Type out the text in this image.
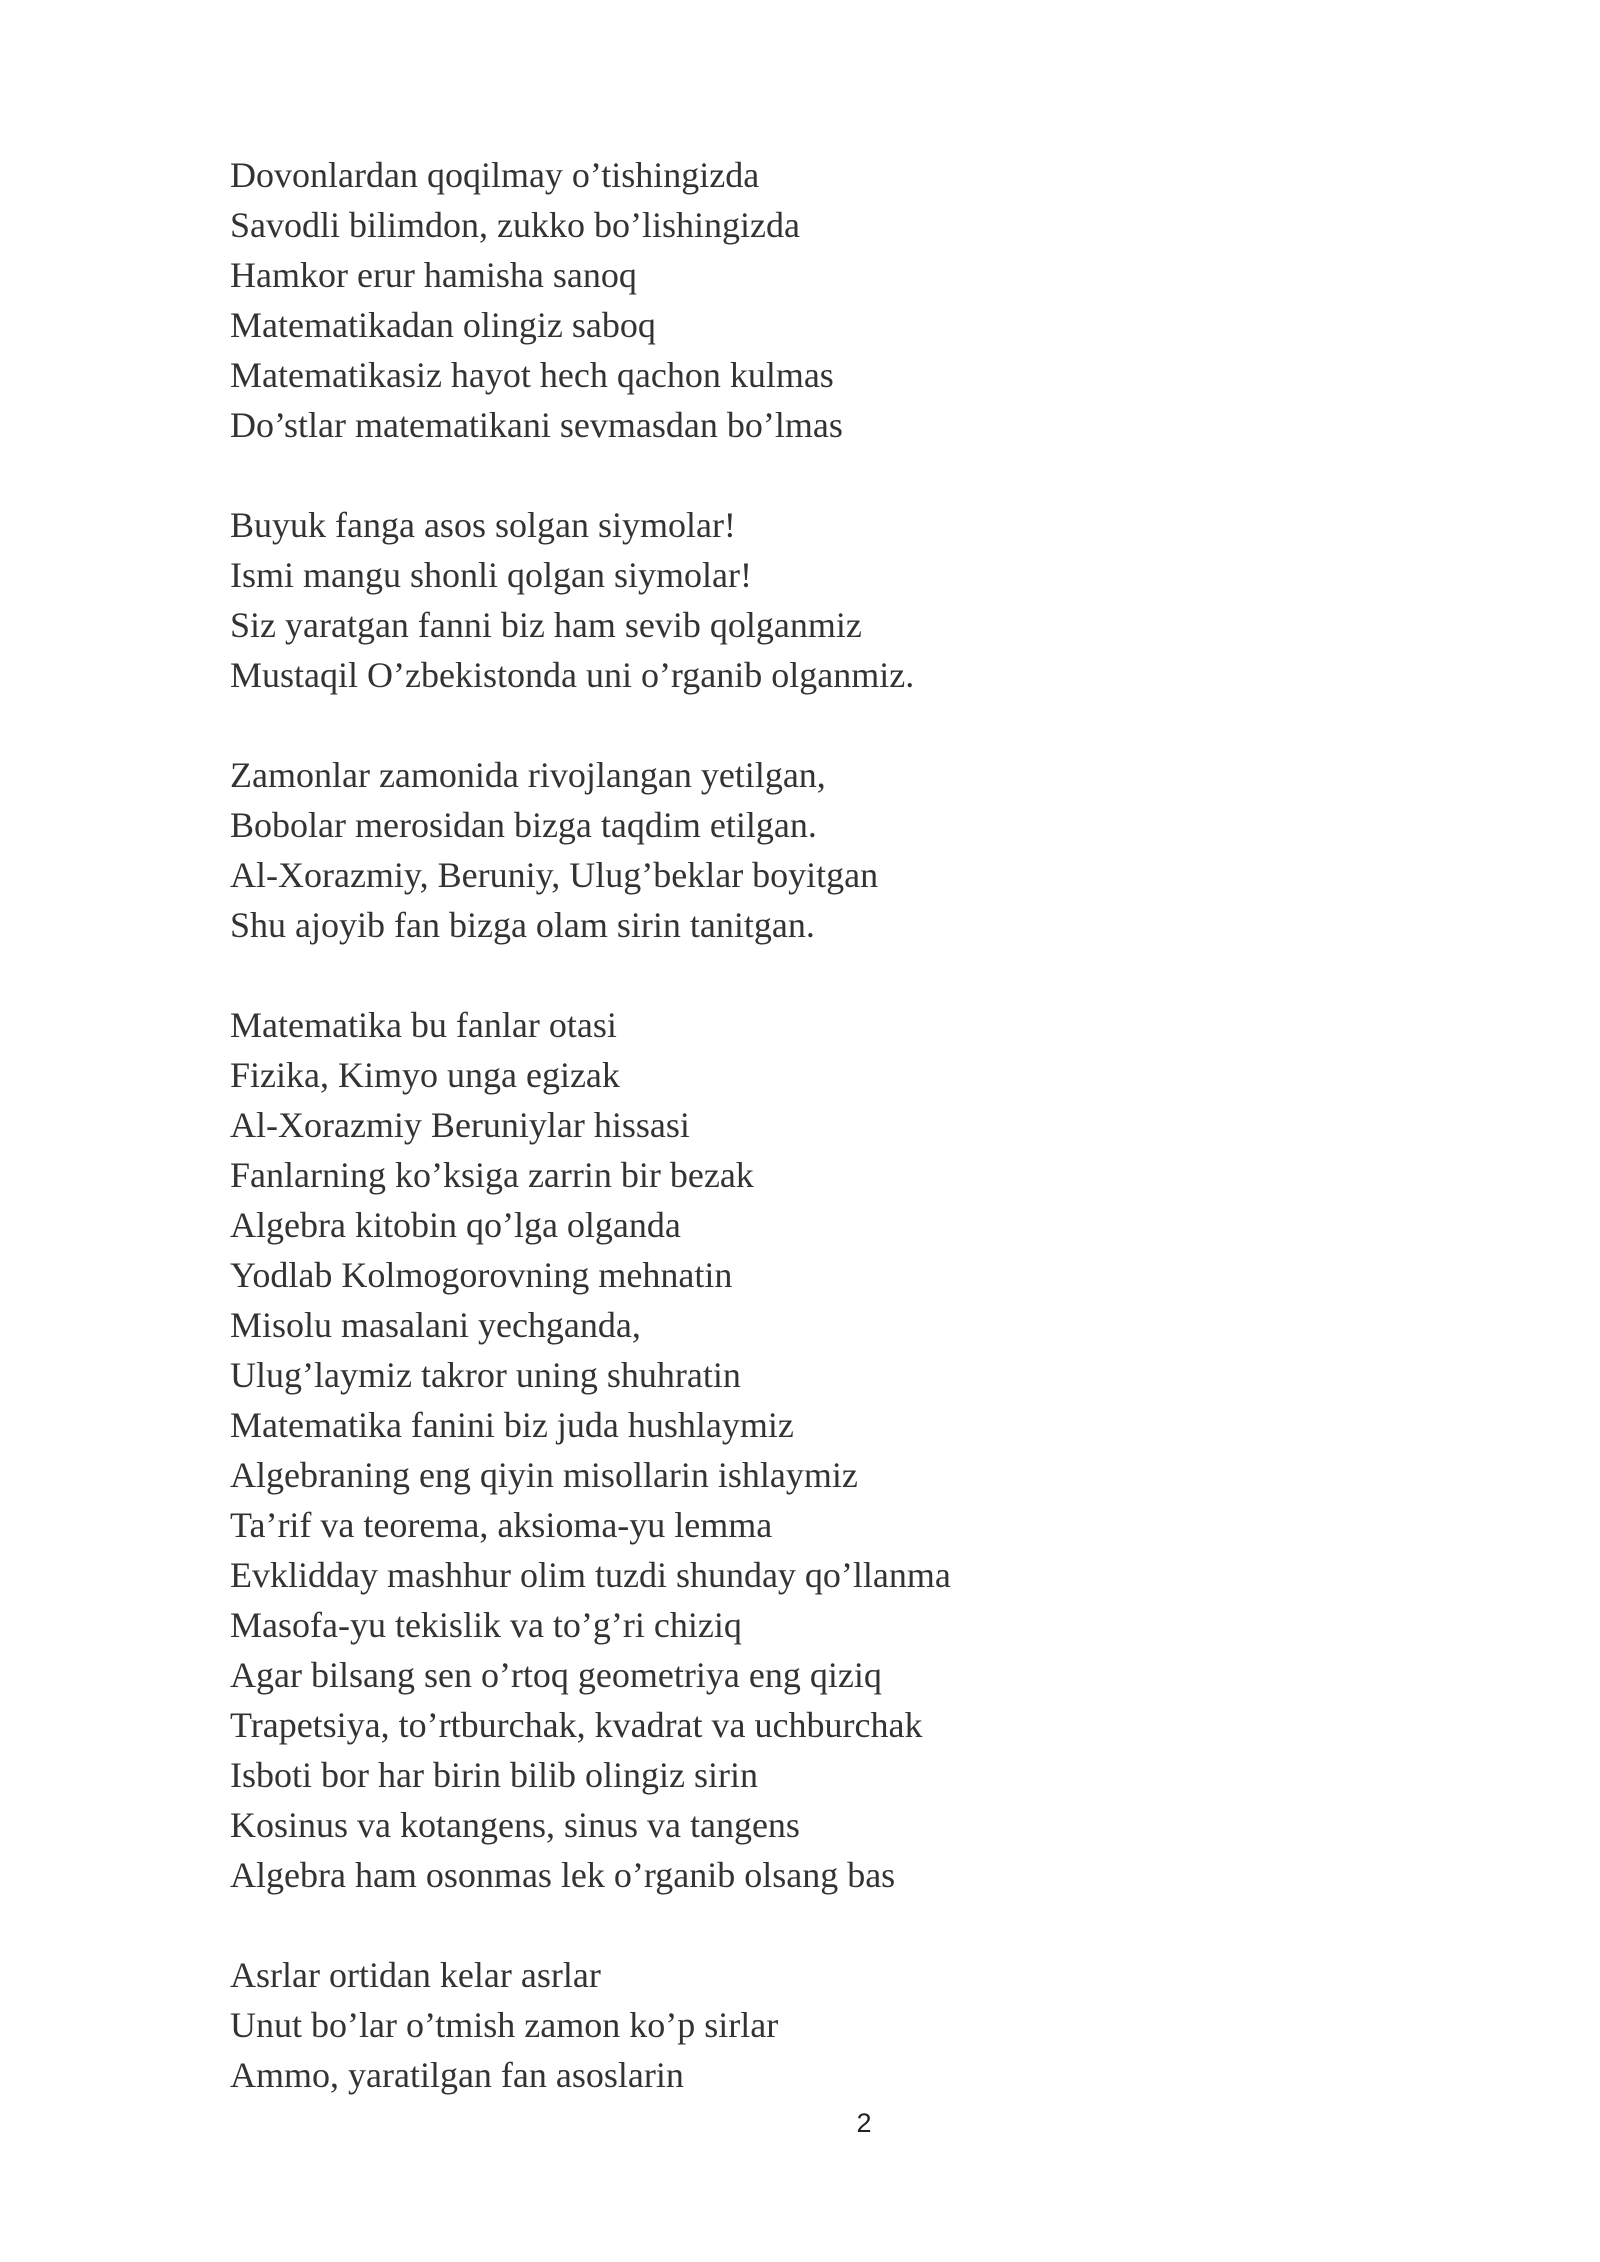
Dovonlardan qoqilmay o’tishingizda
Savodli bilimdon, zukko bo’lishingizda
Hamkor erur hamisha sanoq
Matematikadan olingiz saboq
Matematikasiz hayot hech qachon kulmas
Do’stlar matematikani sevmasdan bo’lmas
Buyuk fanga asos solgan siymolar!
Ismi mangu shonli qolgan siymolar!
Siz yaratgan fanni biz ham sevib qolganmiz
Mustaqil O’zbekistonda uni o’rganib olganmiz.
Zamonlar zamonida rivojlangan yetilgan,
Bobolar merosidan bizga taqdim etilgan.
Al-Xorazmiy, Beruniy, Ulug’beklar boyitgan
Shu ajoyib fan bizga olam sirin tanitgan.
Matematika bu fanlar otasi
Fizika, Kimyo unga egizak
Al-Xorazmiy Beruniylar hissasi
Fanlarning ko’ksiga zarrin bir bezak
Algebra kitobin qo’lga olganda
Yodlab Kolmogorovning mehnatin
Misolu masalani yechganda,
Ulug’laymiz takror uning shuhratin
Matematika fanini biz juda hushlaymiz
Algebraning eng qiyin misollarin ishlaymiz
Ta’rif va teorema, aksioma-yu lemma
Evklidday mashhur olim tuzdi shunday qo’llanma
Masofa-yu tekislik va to’g’ri chiziq
Agar bilsang sen o’rtoq geometriya eng qiziq
Trapetsiya, to’rtburchak, kvadrat va uchburchak
Isboti bor har birin bilib olingiz sirin
Kosinus va kotangens, sinus va tangens
Algebra ham osonmas lek o’rganib olsang bas
Asrlar ortidan kelar asrlar
Unut bo’lar o’tmish zamon ko’p sirlar
Ammo, yaratilgan fan asoslarin
2
